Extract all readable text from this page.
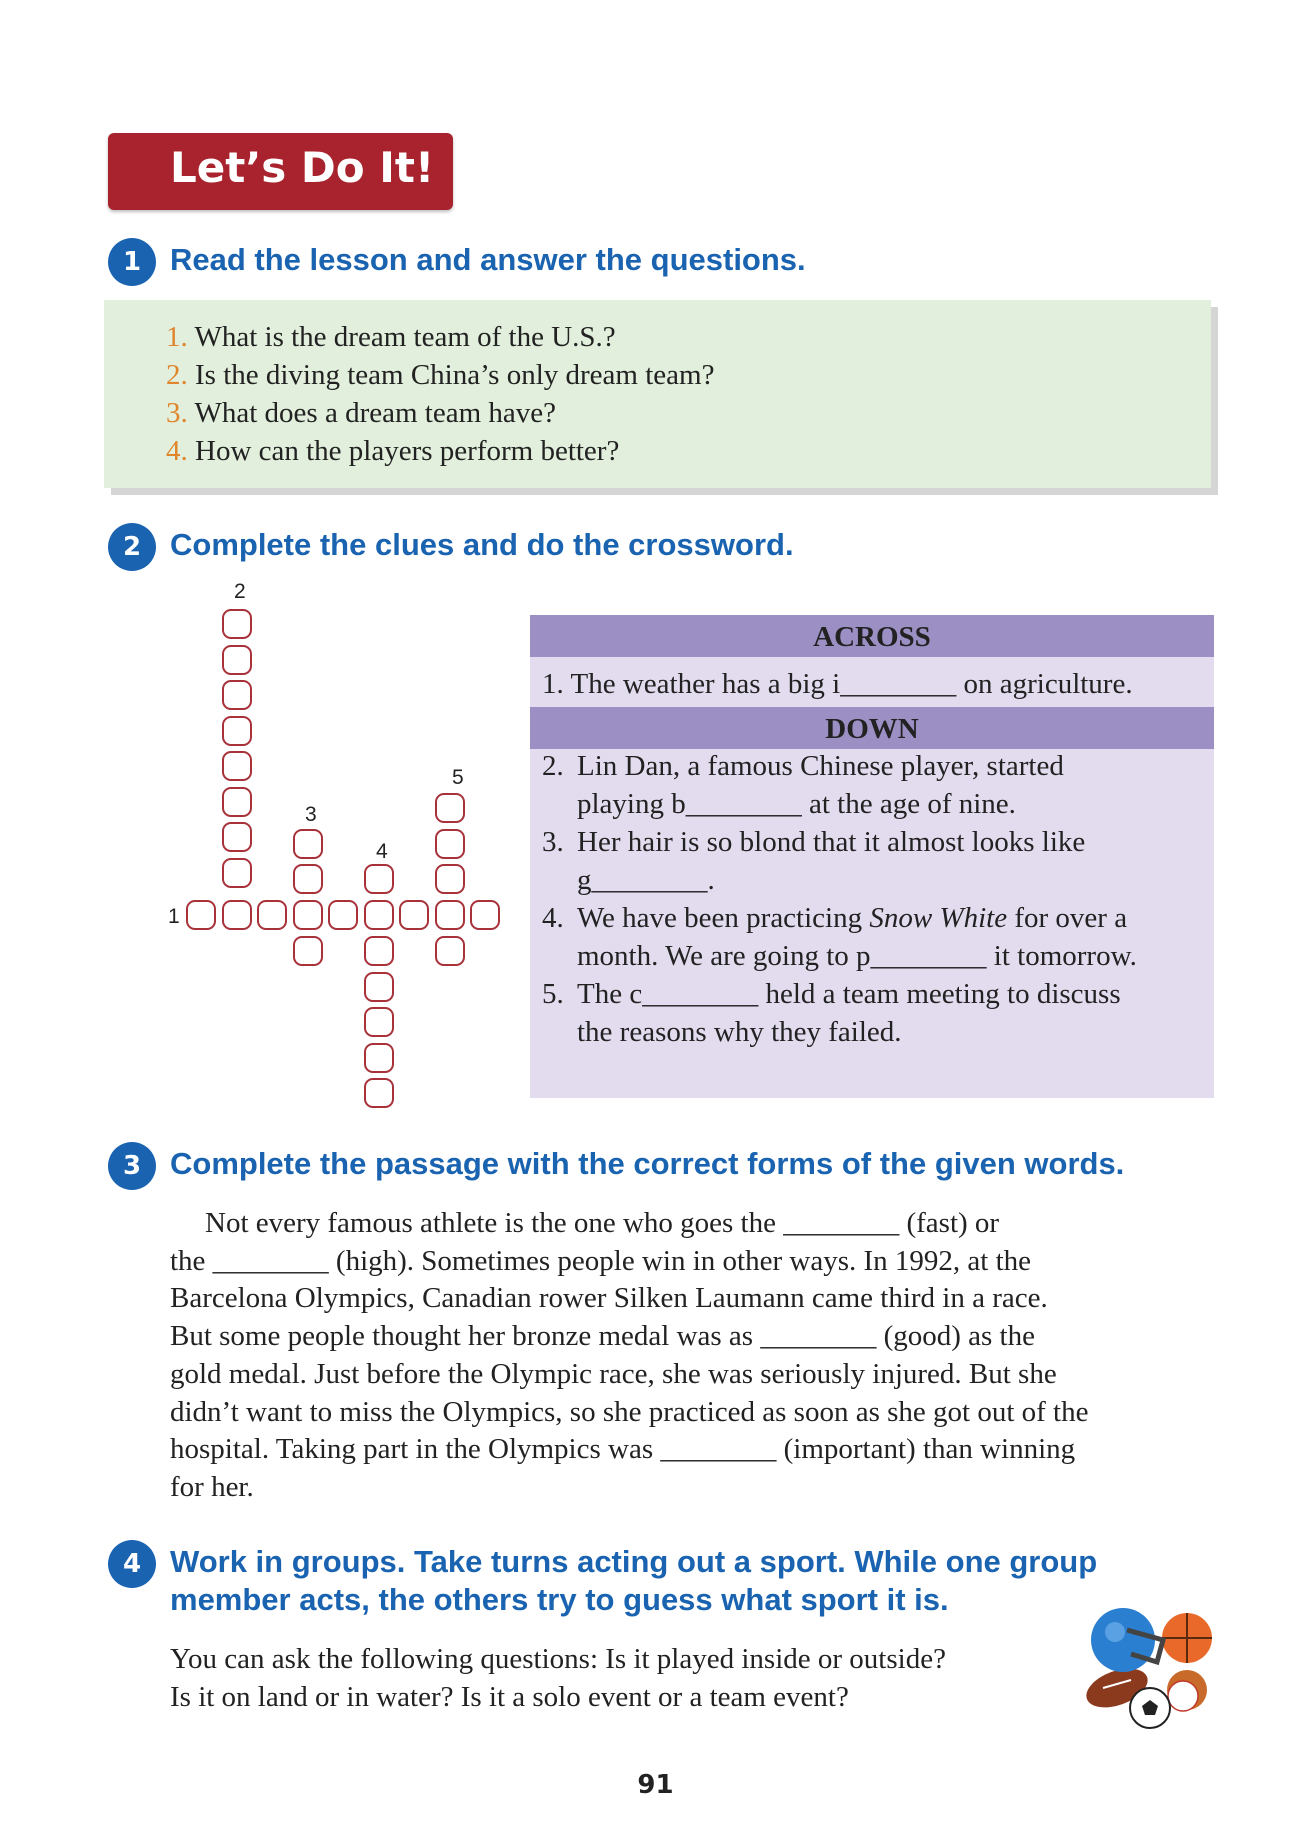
Let’s Do It!
1 Read the lesson and answer the questions.
1. What is the dream team of the U.S.?
2. Is the diving team China’s only dream team?
3. What does a dream team have?
4. How can the players perform better?
2 Complete the clues and do the crossword.
2
3
4
5
1
ACROSS
1. The weather has a big i________ on agriculture.
DOWN
2. Lin Dan, a famous Chinese player, started
playing b________ at the age of nine.
3. Her hair is so blond that it almost looks like
g________.
4. We have been practicing Snow White for over a
month. We are going to p________ it tomorrow.
5. The c________ held a team meeting to discuss
the reasons why they failed.
3 Complete the passage with the correct forms of the given words.
Not every famous athlete is the one who goes the ________ (fast) or
the ________ (high). Sometimes people win in other ways. In 1992, at the
Barcelona Olympics, Canadian rower Silken Laumann came third in a race.
But some people thought her bronze medal was as ________ (good) as the
gold medal. Just before the Olympic race, she was seriously injured. But she
didn’t want to miss the Olympics, so she practiced as soon as she got out of the
hospital. Taking part in the Olympics was ________ (important) than winning
for her.
4 Work in groups. Take turns acting out a sport. While one group
member acts, the others try to guess what sport it is.
You can ask the following questions: Is it played inside or outside?
Is it on land or in water? Is it a solo event or a team event?
91
